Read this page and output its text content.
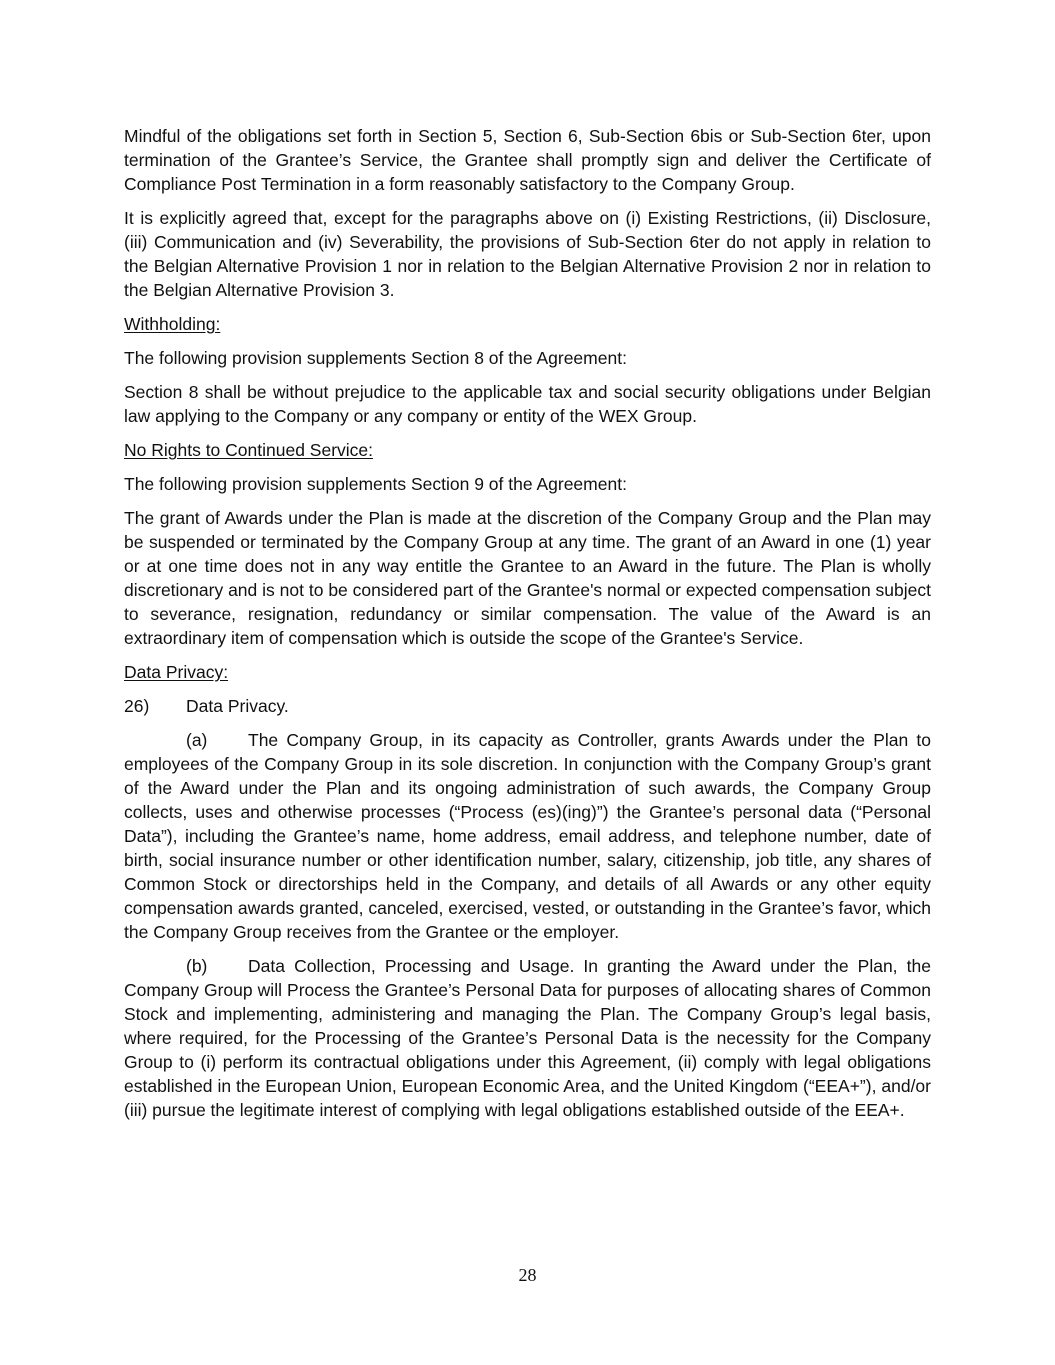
Mindful of the obligations set forth in Section 5, Section 6, Sub-Section 6bis or Sub-Section 6ter, upon termination of the Grantee’s Service, the Grantee shall promptly sign and deliver the Certificate of Compliance Post Termination in a form reasonably satisfactory to the Company Group.

It is explicitly agreed that, except for the paragraphs above on (i) Existing Restrictions, (ii) Disclosure, (iii) Communication and (iv) Severability, the provisions of Sub-Section 6ter do not apply in relation to the Belgian Alternative Provision 1 nor in relation to the Belgian Alternative Provision 2 nor in relation to the Belgian Alternative Provision 3.

Withholding:

The following provision supplements Section 8 of the Agreement:

Section 8 shall be without prejudice to the applicable tax and social security obligations under Belgian law applying to the Company or any company or entity of the WEX Group.

No Rights to Continued Service:

The following provision supplements Section 9 of the Agreement:

The grant of Awards under the Plan is made at the discretion of the Company Group and the Plan may be suspended or terminated by the Company Group at any time. The grant of an Award in one (1) year or at one time does not in any way entitle the Grantee to an Award in the future. The Plan is wholly discretionary and is not to be considered part of the Grantee's normal or expected compensation subject to severance, resignation, redundancy or similar compensation. The value of the Award is an extraordinary item of compensation which is outside the scope of the Grantee's Service.

Data Privacy:

26)	Data Privacy.

(a) The Company Group, in its capacity as Controller, grants Awards under the Plan to employees of the Company Group in its sole discretion. In conjunction with the Company Group’s grant of the Award under the Plan and its ongoing administration of such awards, the Company Group collects, uses and otherwise processes (“Process (es)(ing)”) the Grantee’s personal data (“Personal Data”), including the Grantee’s name, home address, email address, and telephone number, date of birth, social insurance number or other identification number, salary, citizenship, job title, any shares of Common Stock or directorships held in the Company, and details of all Awards or any other equity compensation awards granted, canceled, exercised, vested, or outstanding in the Grantee’s favor, which the Company Group receives from the Grantee or the employer.

(b) Data Collection, Processing and Usage. In granting the Award under the Plan, the Company Group will Process the Grantee’s Personal Data for purposes of allocating shares of Common Stock and implementing, administering and managing the Plan. The Company Group’s legal basis, where required, for the Processing of the Grantee’s Personal Data is the necessity for the Company Group to (i) perform its contractual obligations under this Agreement, (ii) comply with legal obligations established in the European Union, European Economic Area, and the United Kingdom (“EEA+”), and/or (iii) pursue the legitimate interest of complying with legal obligations established outside of the EEA+.

28
